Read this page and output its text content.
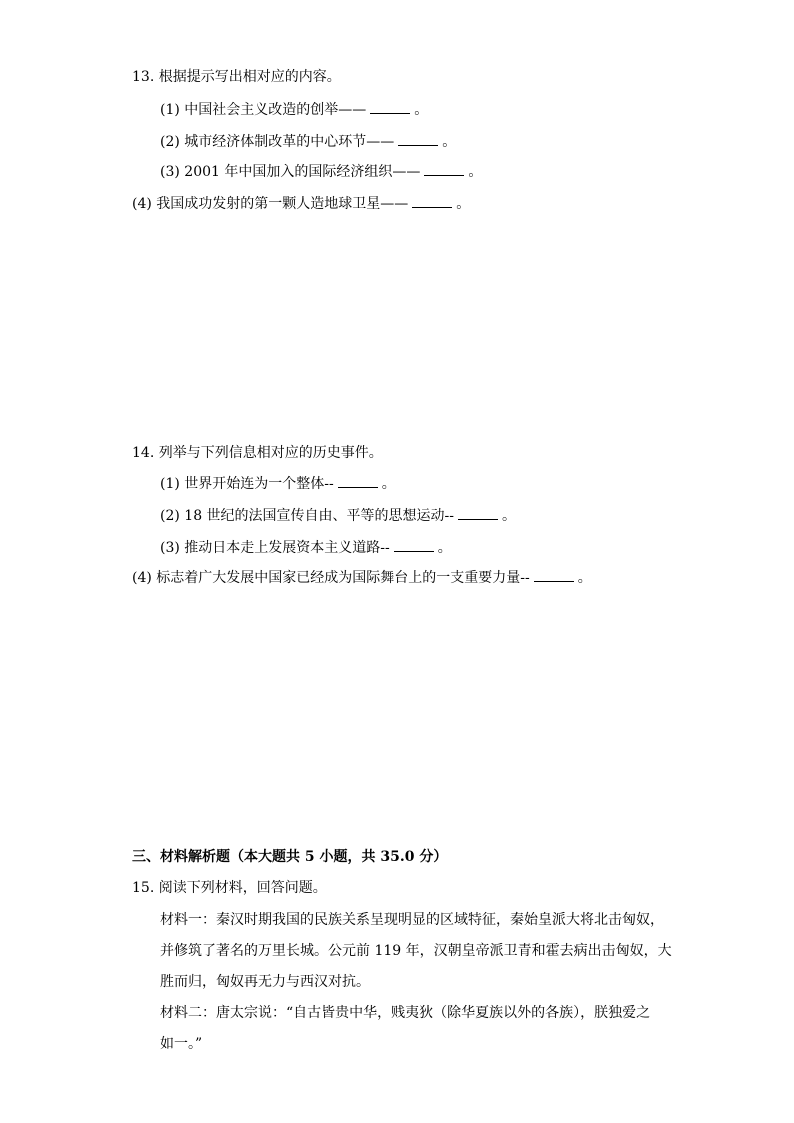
13. 根据提示写出相对应的内容。
(1) 中国社会主义改造的创举——	。
(2) 城市经济体制改革的中心环节——	。
(3) 2001 年中国加入的国际经济组织——	。
(4) 我国成功发射的第一颗人造地球卫星——	。
14. 列举与下列信息相对应的历史事件。
(1) 世界开始连为一个整体--	。
(2) 18 世纪的法国宣传自由、平等的思想运动--	。
(3) 推动日本走上发展资本主义道路--	。
(4) 标志着广大发展中国家已经成为国际舞台上的一支重要力量--	。
三、材料解析题（本大题共 5 小题，共 35.0 分）
15. 阅读下列材料，回答问题。
材料一：秦汉时期我国的民族关系呈现明显的区域特征，秦始皇派大将北击匈奴，
并修筑了著名的万里长城。公元前 119 年，汉朝皇帝派卫青和霍去病出击匈奴，大
胜而归，匈奴再无力与西汉对抗。
材料二：唐太宗说：“自古皆贵中华，贱夷狄（除华夏族以外的各族），朕独爱之
如一。”
